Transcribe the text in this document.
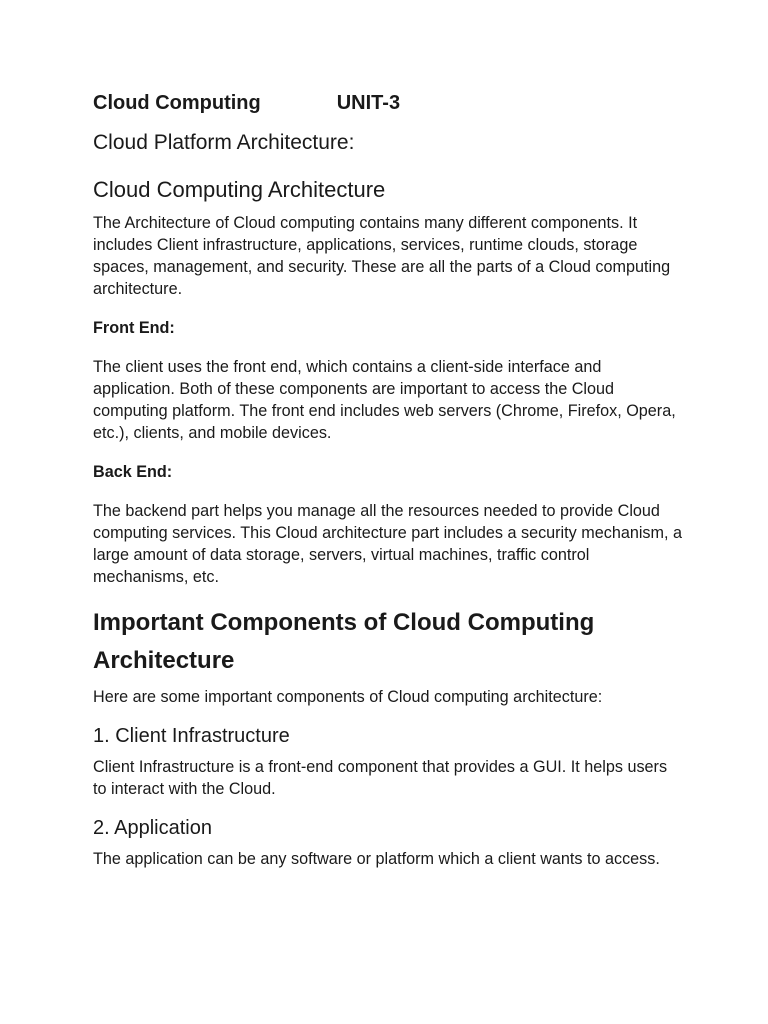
Cloud Computing	UNIT-3
Cloud Platform Architecture:
Cloud Computing Architecture

The Architecture of Cloud computing contains many different components. It includes Client infrastructure, applications, services, runtime clouds, storage spaces, management, and security. These are all the parts of a Cloud computing architecture.

Front End:

The client uses the front end, which contains a client-side interface and application. Both of these components are important to access the Cloud computing platform. The front end includes web servers (Chrome, Firefox, Opera, etc.), clients, and mobile devices.

Back End:

The backend part helps you manage all the resources needed to provide Cloud computing services. This Cloud architecture part includes a security mechanism, a large amount of data storage, servers, virtual machines, traffic control mechanisms, etc.

Important Components of Cloud Computing Architecture

Here are some important components of Cloud computing architecture:

1. Client Infrastructure

Client Infrastructure is a front-end component that provides a GUI. It helps users to interact with the Cloud.

2. Application

The application can be any software or platform which a client wants to access.
